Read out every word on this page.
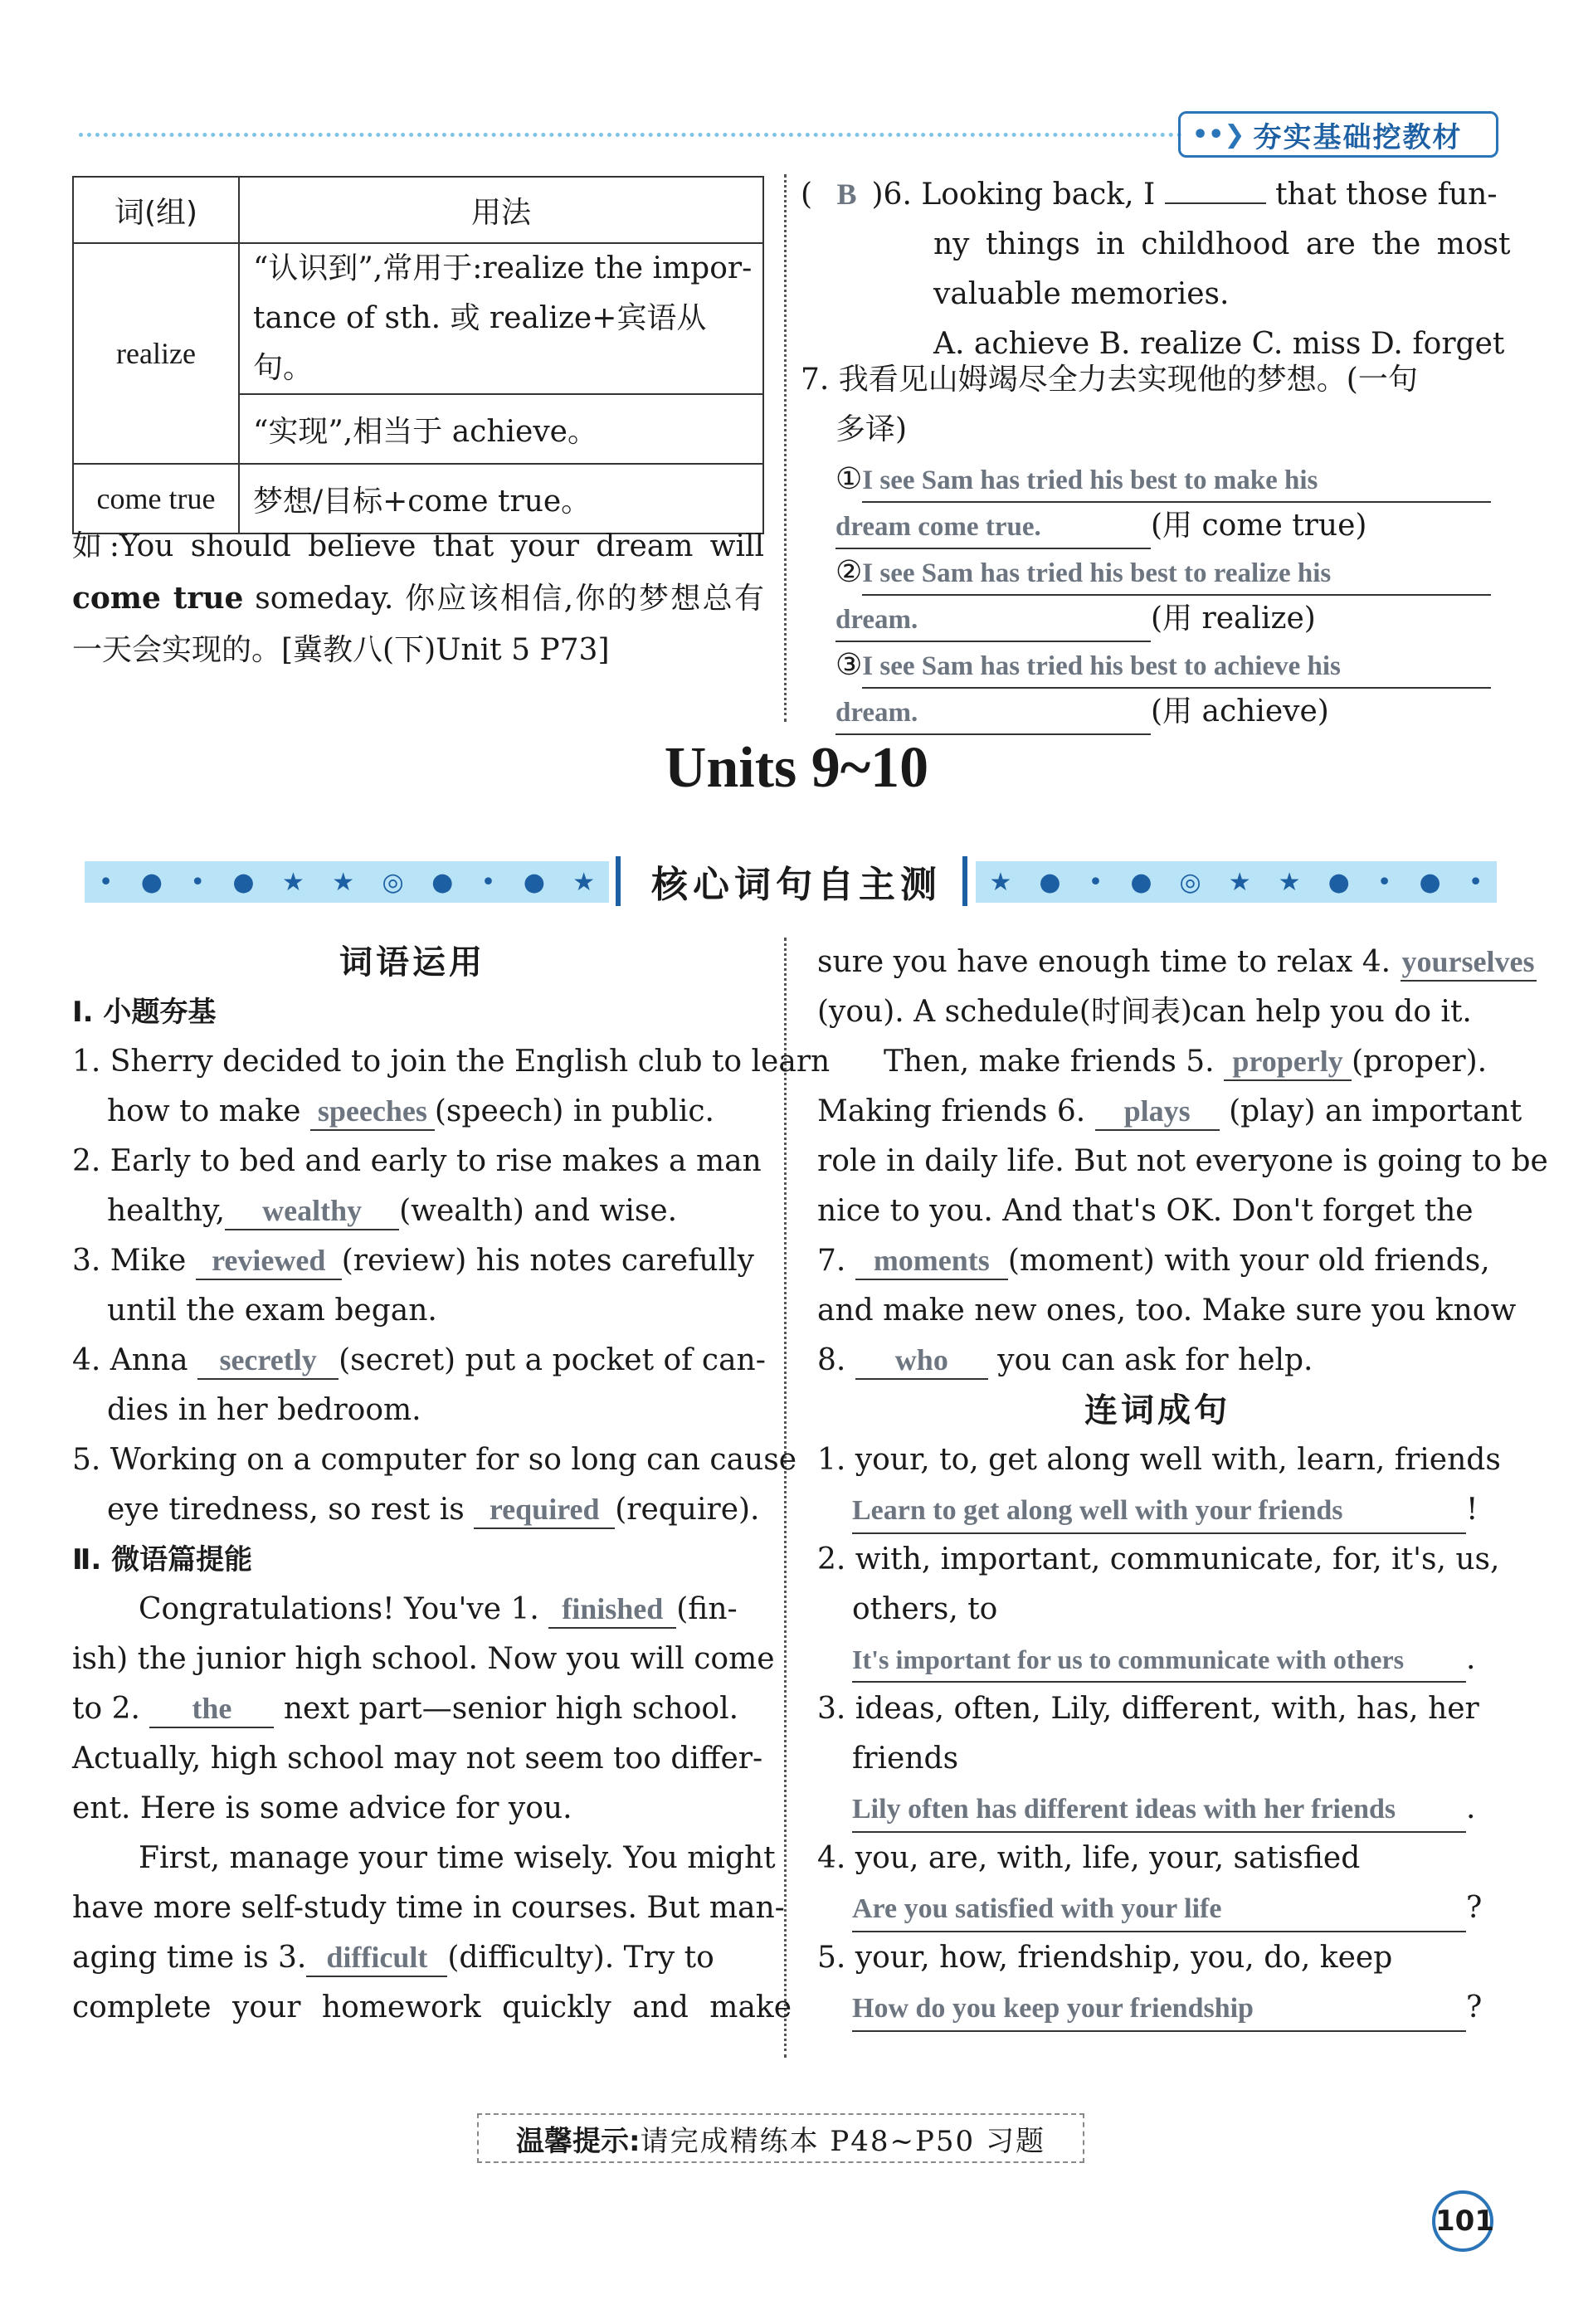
••❯ 夯实基础挖教材
词(组)	用法
realize	“认识到”,常用于:realize the impor-
tance of sth. 或 realize+宾语从句。

	“实现”,相当于 achieve。
come true	梦想/目标+come true。
如:You should believe that your dream will
come true someday. 你应该相信,你的梦想总有
一天会实现的。[冀教八(下)Unit 5 P73]
( B )6. Looking back, I	that those fun-
ny things in childhood are the most
valuable memories.
A. achieve B. realize C. miss D. forget
7. 我看见山姆竭尽全力去实现他的梦想。(一句
多译)
①I see Sam has tried his best to make his
dream come true.	(用 come true)
②I see Sam has tried his best to realize his
dream.	(用 realize)
③I see Sam has tried his best to achieve his
dream.	(用 achieve)
Units 9~10
• ● • ● ★ ★ ◎ ● • ● ★	核心词句自主测	★ ● • ● ◎ ★ ★ ● • ● •
词语运用
Ⅰ. 小题夯基
1. Sherry decided to join the English club to learn
how to make speeches (speech) in public.
2. Early to bed and early to rise makes a man
healthy, wealthy (wealth) and wise.
3. Mike reviewed (review) his notes carefully
until the exam began.
4. Anna secretly (secret) put a pocket of can-
dies in her bedroom.
5. Working on a computer for so long can cause
eye tiredness, so rest is required (require).
Ⅱ. 微语篇提能
Congratulations! You've 1. finished (fin-
ish) the junior high school. Now you will come
to 2. the next part—senior high school.
Actually, high school may not seem too differ-
ent. Here is some advice for you.
First, manage your time wisely. You might
have more self-study time in courses. But man-
aging time is 3. difficult (difficulty). Try to
complete your homework quickly and make
sure you have enough time to relax 4. yourselves
(you). A schedule(时间表)can help you do it.
Then, make friends 5. properly (proper).
Making friends 6. plays (play) an important
role in daily life. But not everyone is going to be
nice to you. And that's OK. Don't forget the
7. moments (moment) with your old friends,
and make new ones, too. Make sure you know
8. who you can ask for help.
连词成句
1. your, to, get along well with, learn, friends
Learn to get along well with your friends	!
2. with, important, communicate, for, it's, us,
others, to
It's important for us to communicate with others .
3. ideas, often, Lily, different, with, has, her
friends
Lily often has different ideas with her friends .
4. you, are, with, life, your, satisfied
Are you satisfied with your life	?
5. your, how, friendship, you, do, keep
How do you keep your friendship	?
温馨提示: 请完成精练本 P48~P50 习题
101
